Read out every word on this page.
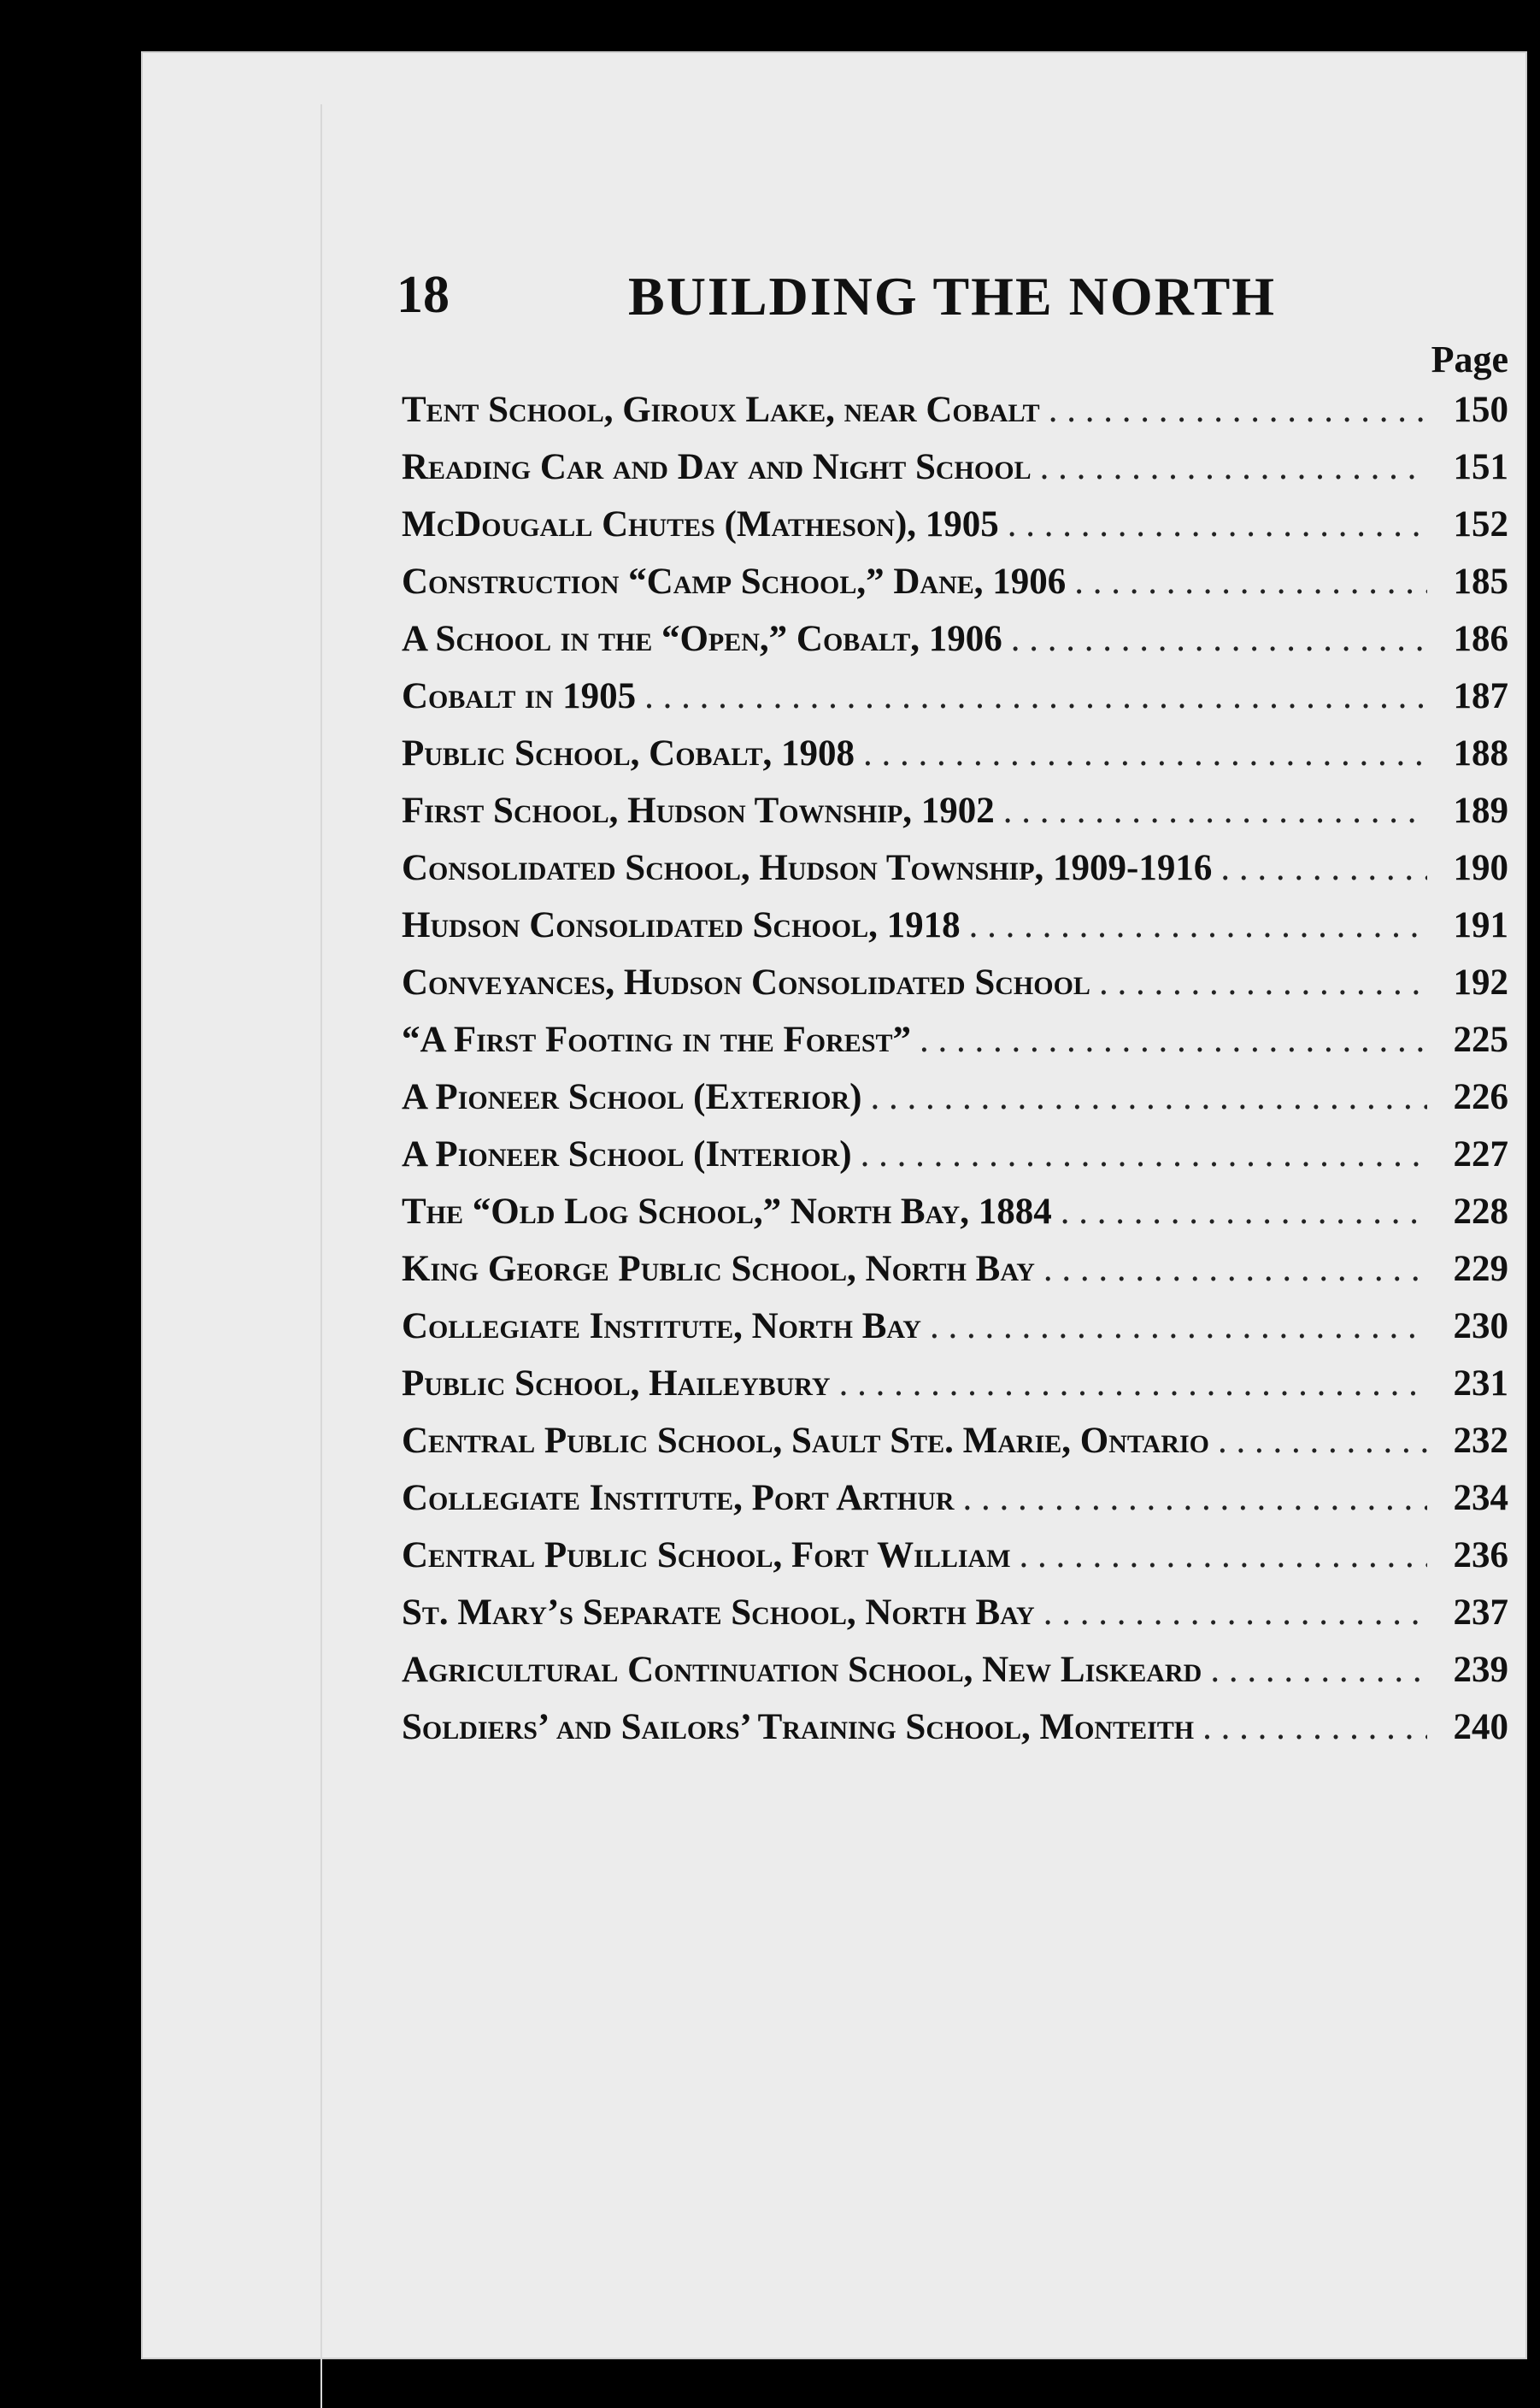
18	BUILDING THE NORTH
Page
Tent School, Giroux Lake, near Cobalt . . .	150
Reading Car and Day and Night School . . .	151
McDougall Chutes (Matheson), 1905 . . .	152
Construction “Camp School,” Dane, 1906 . . .	185
A School in the “Open,” Cobalt, 1906 . . .	186
Cobalt in 1905 . . .	187
Public School, Cobalt, 1908 . . .	188
First School, Hudson Township, 1902 . . .	189
Consolidated School, Hudson Township, 1909-1916 . . .	190
Hudson Consolidated School, 1918 . . .	191
Conveyances, Hudson Consolidated School . . .	192
“A First Footing in the Forest” . . .	225
A Pioneer School (Exterior) . . .	226
A Pioneer School (Interior) . . .	227
The “Old Log School,” North Bay, 1884 . . .	228
King George Public School, North Bay . . .	229
Collegiate Institute, North Bay . . .	230
Public School, Haileybury . . .	231
Central Public School, Sault Ste. Marie, Ontario . . .	232
Collegiate Institute, Port Arthur . . .	234
Central Public School, Fort William . . .	236
St. Mary’s Separate School, North Bay . . .	237
Agricultural Continuation School, New Liskeard . . .	239
Soldiers’ and Sailors’ Training School, Monteith . . .	240
